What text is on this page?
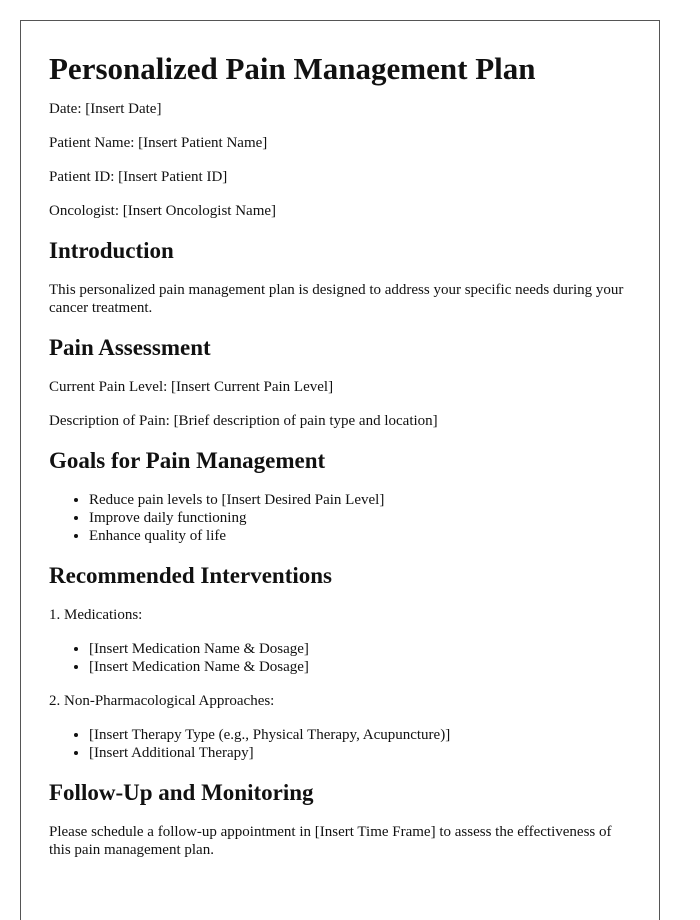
Personalized Pain Management Plan

Date: [Insert Date]

Patient Name: [Insert Patient Name]

Patient ID: [Insert Patient ID]

Oncologist: [Insert Oncologist Name]

Introduction

This personalized pain management plan is designed to address your specific needs during your cancer treatment.

Pain Assessment

Current Pain Level: [Insert Current Pain Level]

Description of Pain: [Brief description of pain type and location]

Goals for Pain Management
• Reduce pain levels to [Insert Desired Pain Level]
• Improve daily functioning
• Enhance quality of life
Recommended Interventions

1. Medications:

• [Insert Medication Name & Dosage]
• [Insert Medication Name & Dosage]

2. Non-Pharmacological Approaches:

• [Insert Therapy Type (e.g., Physical Therapy, Acupuncture)]
• [Insert Additional Therapy]
Follow-Up and Monitoring

Please schedule a follow-up appointment in [Insert Time Frame] to assess the effectiveness of this pain management plan.
